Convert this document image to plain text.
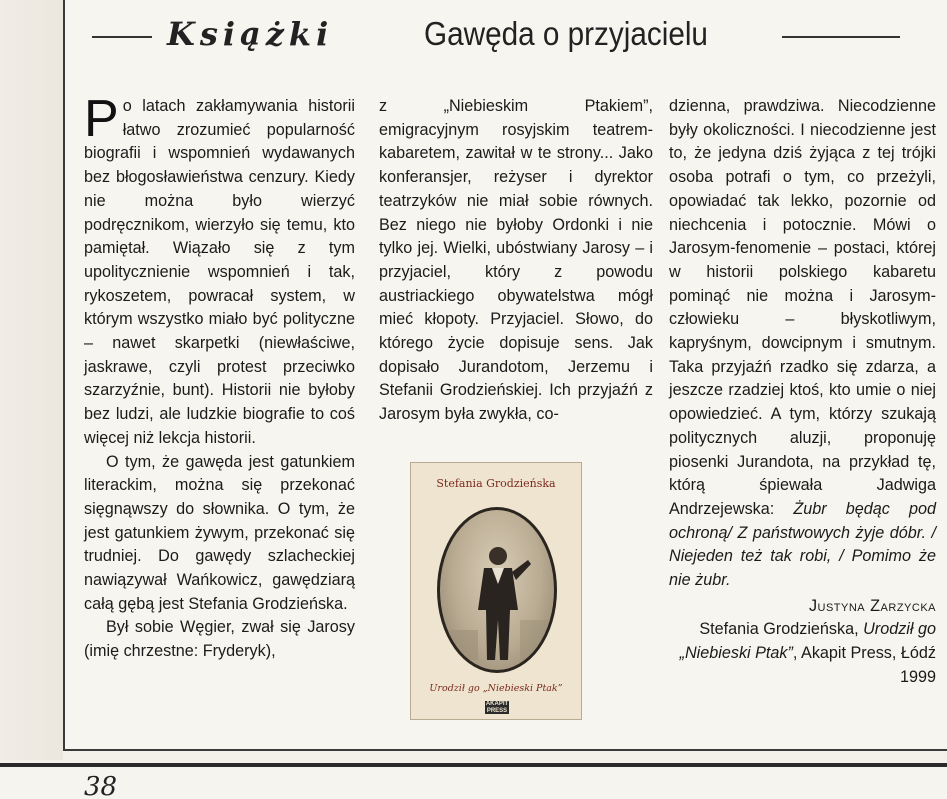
Książki	Gawęda o przyjacielu

Po latach zakłamywania historii łatwo zrozumieć popularność biografii i wspomnień wydawanych bez błogosławieństwa cenzury. Kiedy nie można było wierzyć podręcznikom, wierzyło się temu, kto pamiętał. Wiązało się z tym upolitycznienie wspomnień i tak, rykoszetem, powracał system, w którym wszystko miało być polityczne – nawet skarpetki (niewłaściwe, jaskrawe, czyli protest przeciwko szarzyźnie, bunt). Historii nie byłoby bez ludzi, ale ludzkie biografie to coś więcej niż lekcja historii.

O tym, że gawęda jest gatunkiem literackim, można się przekonać sięgnąwszy do słownika. O tym, że jest gatunkiem żywym, przekonać się trudniej. Do gawędy szlacheckiej nawiązywał Wańkowicz, gawędziarą całą gębą jest Stefania Grodzieńska.

Był sobie Węgier, zwał się Jarosy (imię chrzestne: Fryderyk),

z „Niebieskim Ptakiem”, emigracyjnym rosyjskim teatrem-kabaretem, zawitał w te strony... Jako konferansjer, reżyser i dyrektor teatrzyków nie miał sobie równych. Bez niego nie byłoby Ordonki i nie tylko jej. Wielki, ubóstwiany Jarosy – i przyjaciel, który z powodu austriackiego obywatelstwa mógł mieć kłopoty. Przyjaciel. Słowo, do którego życie dopisuje sens. Jak dopisało Jurandotom, Jerzemu i Stefanii Grodzieńskiej. Ich przyjaźń z Jarosym była zwykła, co-

Stefania Grodzieńska
Urodził go „Niebieski Ptak”
AKAPIT PRESS

dzienna, prawdziwa. Niecodzienne były okoliczności. I niecodzienne jest to, że jedyna dziś żyjąca z tej trójki osoba potrafi o tym, co przeżyli, opowiadać tak lekko, pozornie od niechcenia i potocznie. Mówi o Jarosym-fenomenie – postaci, której w historii polskiego kabaretu pominąć nie można i Jarosym-człowieku – błyskotliwym, kapryśnym, dowcipnym i smutnym. Taka przyjaźń rzadko się zdarza, a jeszcze rzadziej ktoś, kto umie o niej opowiedzieć. A tym, którzy szukają politycznych aluzji, proponuję piosenki Jurandota, na przykład tę, którą śpiewała Jadwiga Andrzejewska: Żubr będąc pod ochroną/ Z państwowych żyje dóbr. / Niejeden też tak robi, / Pomimo że nie żubr.

Justyna Zarzycka

Stefania Grodzieńska, Urodził go „Niebieski Ptak”, Akapit Press, Łódź 1999

38
